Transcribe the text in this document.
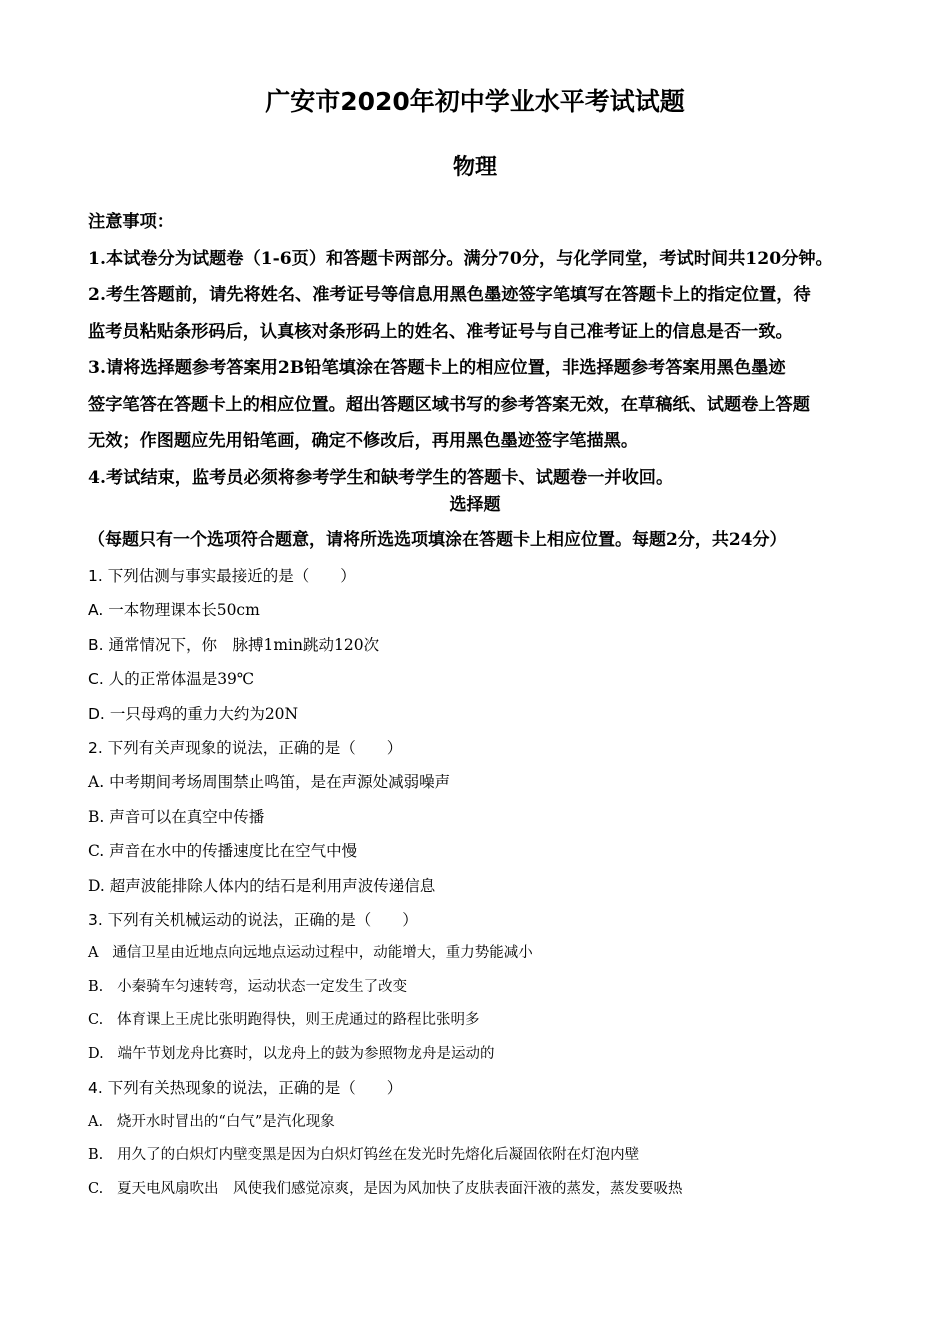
广安市2020年初中学业水平考试试题
物理
注意事项：
1.本试卷分为试题卷（1-6页）和答题卡两部分。满分70分，与化学同堂，考试时间共120分钟。
2.考生答题前，请先将姓名、准考证号等信息用黑色墨迹签字笔填写在答题卡上的指定位置，待
监考员粘贴条形码后，认真核对条形码上的姓名、准考证号与自己准考证上的信息是否一致。
3.请将选择题参考答案用2B铅笔填涂在答题卡上的相应位置，非选择题参考答案用黑色墨迹
签字笔答在答题卡上的相应位置。超出答题区域书写的参考答案无效，在草稿纸、试题卷上答题
无效；作图题应先用铅笔画，确定不修改后，再用黑色墨迹签字笔描黑。
4.考试结束，监考员必须将参考学生和缺考学生的答题卡、试题卷一并收回。
选择题
（每题只有一个选项符合题意，请将所选选项填涂在答题卡上相应位置。每题2分，共24分）
1. 下列估测与事实最接近的是（　　）
A. 一本物理课本长50cm
B. 通常情况下，你　脉搏1min跳动120次
C. 人的正常体温是39℃
D. 一只母鸡的重力大约为20N
2. 下列有关声现象的说法，正确的是（　　）
A. 中考期间考场周围禁止鸣笛，是在声源处减弱噪声
B. 声音可以在真空中传播
C. 声音在水中的传播速度比在空气中慢
D. 超声波能排除人体内的结石是利用声波传递信息
3. 下列有关机械运动的说法，正确的是（　　）
A 通信卫星由近地点向远地点运动过程中，动能增大，重力势能减小
B. 小秦骑车匀速转弯，运动状态一定发生了改变
C. 体育课上王虎比张明跑得快，则王虎通过的路程比张明多
D. 端午节划龙舟比赛时，以龙舟上的鼓为参照物龙舟是运动的
4. 下列有关热现象的说法，正确的是（　　）
A. 烧开水时冒出的“白气”是汽化现象
B. 用久了的白炽灯内壁变黑是因为白炽灯钨丝在发光时先熔化后凝固依附在灯泡内壁
C. 夏天电风扇吹出　风使我们感觉凉爽，是因为风加快了皮肤表面汗液的蒸发，蒸发要吸热
